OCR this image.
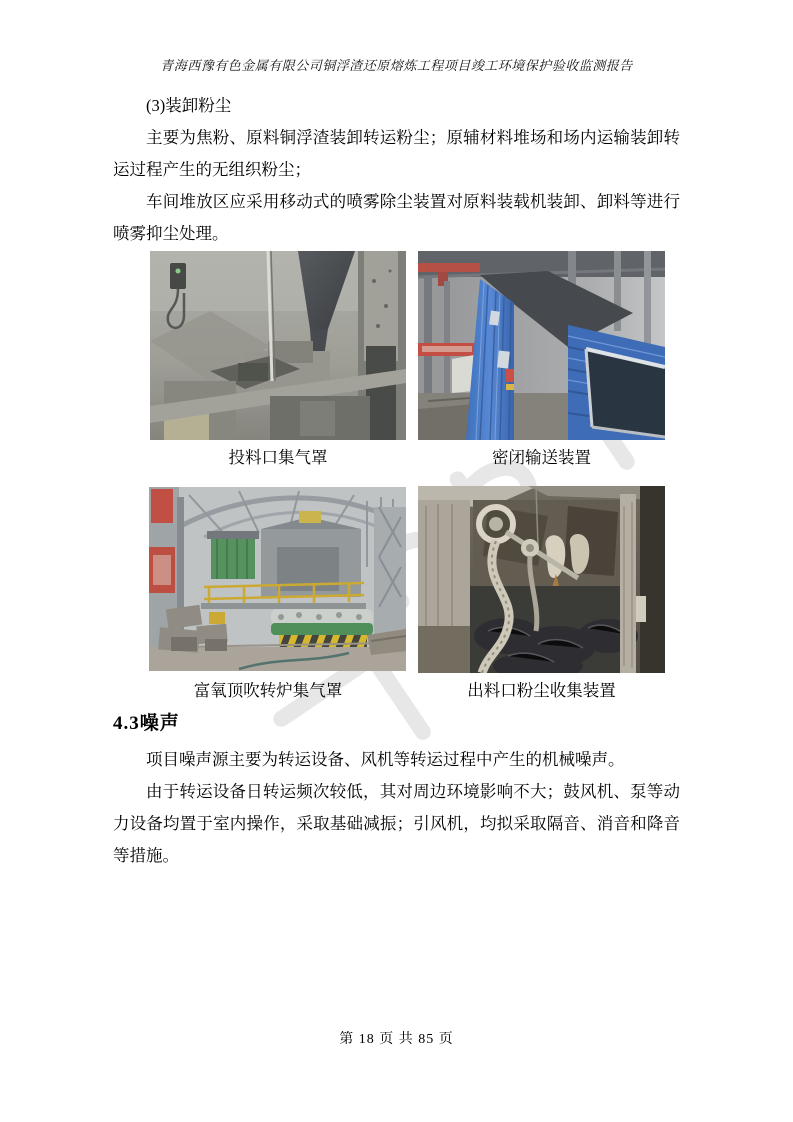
青海西豫有色金属有限公司铜浮渣还原熔炼工程项目竣工环境保护验收监测报告

(3)装卸粉尘

主要为焦粉、原料铜浮渣装卸转运粉尘；原辅材料堆场和场内运输装卸转运过程产生的无组织粉尘；

车间堆放区应采用移动式的喷雾除尘装置对原料装载机装卸、卸料等进行喷雾抑尘处理。

投料口集气罩	密闭输送装置
富氧顶吹转炉集气罩	出料口粉尘收集装置
4.3噪声

项目噪声源主要为转运设备、风机等转运过程中产生的机械噪声。

由于转运设备日转运频次较低，其对周边环境影响不大；鼓风机、泵等动力设备均置于室内操作，采取基础减振；引风机，均拟采取隔音、消音和降音等措施。

第 18 页 共 85 页
